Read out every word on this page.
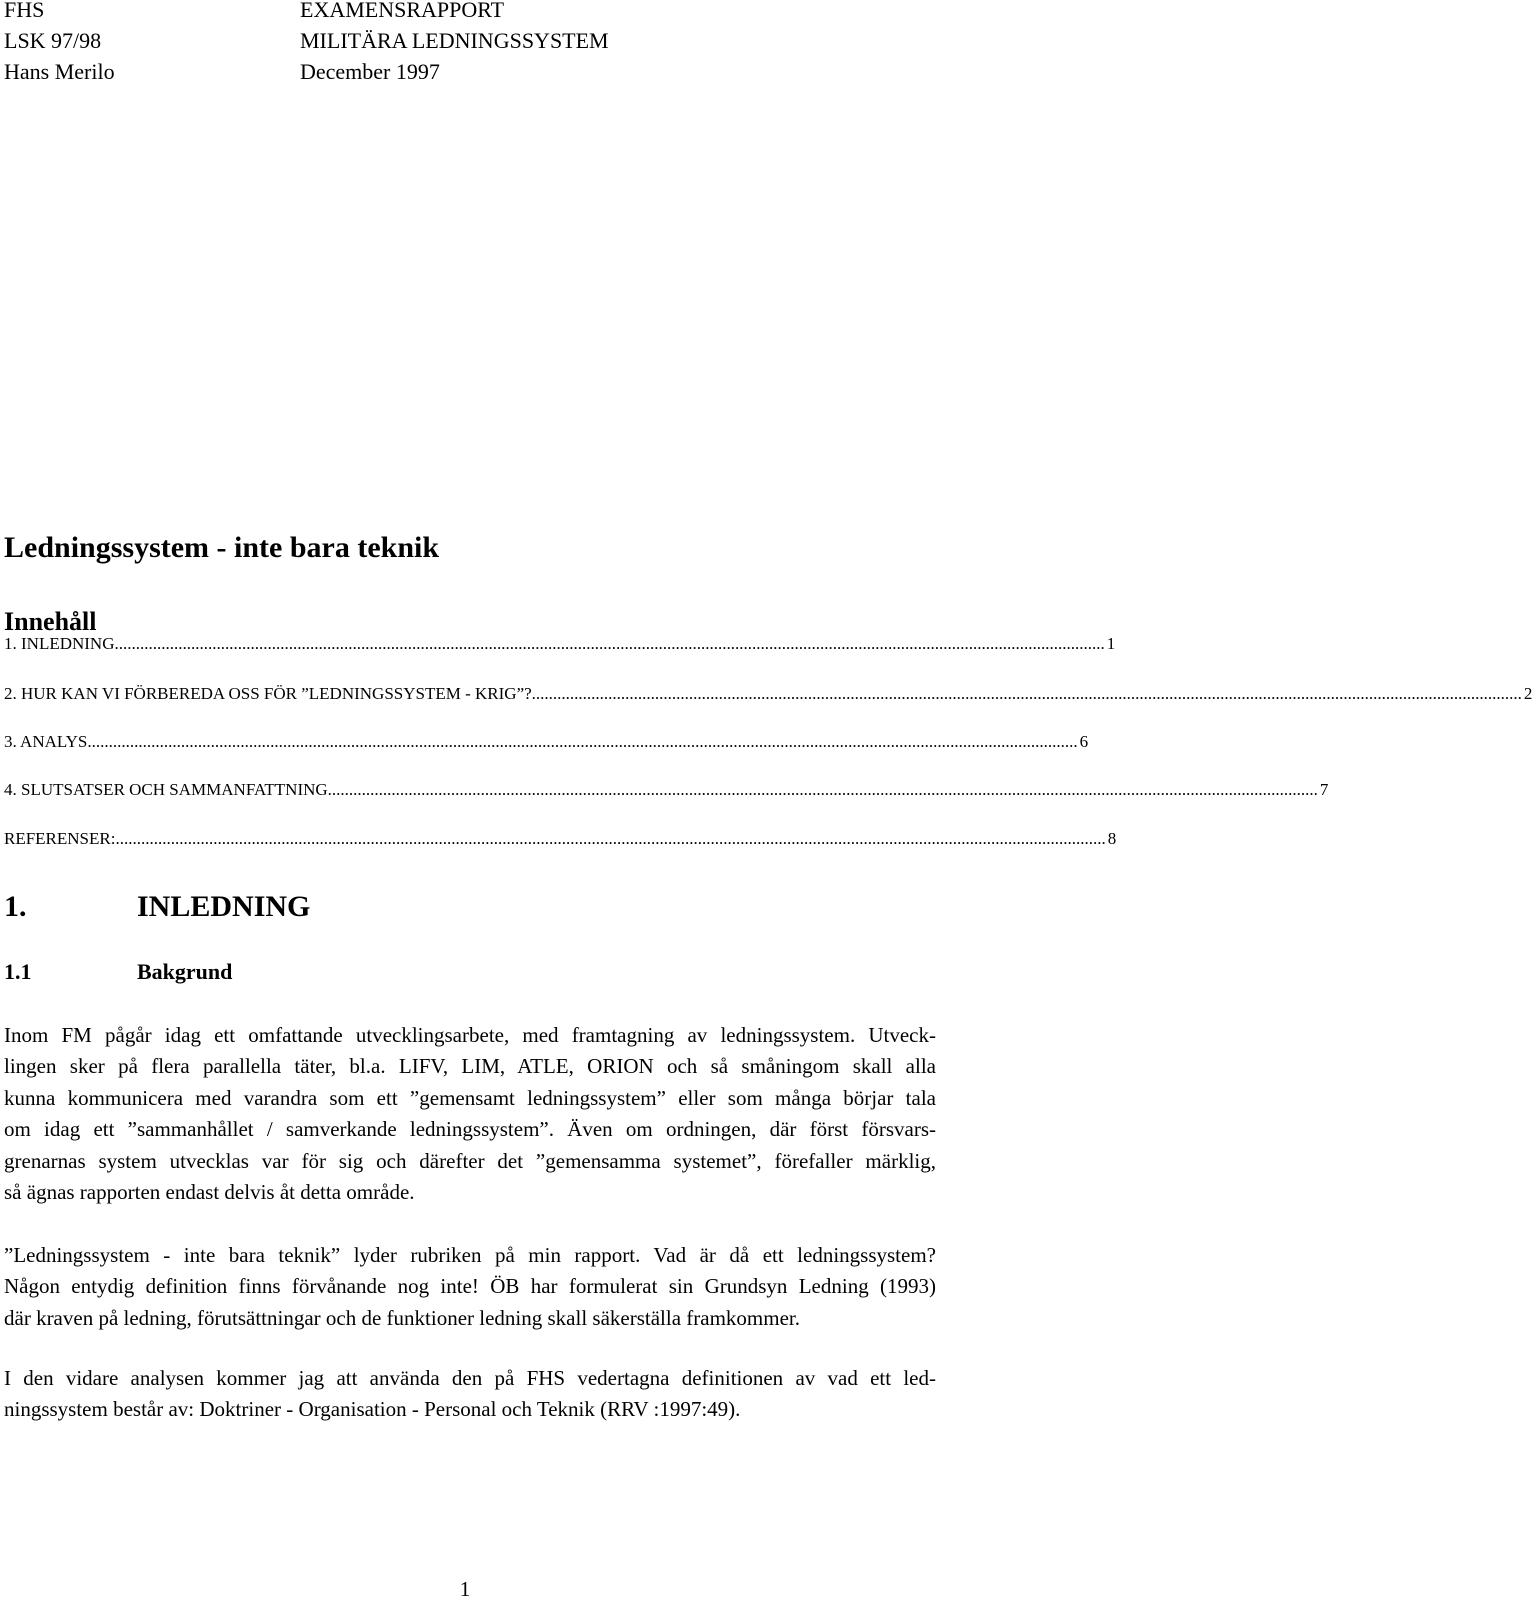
FHS	EXAMENSRAPPORT
LSK 97/98	MILITÄRA LEDNINGSSYSTEM
Hans Merilo	December 1997
Ledningssystem - inte bara teknik
Innehåll
1. INLEDNING ......................................................................................................................................................................................................................................... 1
2. HUR KAN VI FÖRBEREDA OSS FÖR ”LEDNINGSSYSTEM - KRIG”? ......................................................................................................................................................................................................................................... 2
3. ANALYS ......................................................................................................................................................................................................................................... 6
4. SLUTSATSER OCH SAMMANFATTNING ......................................................................................................................................................................................................................................... 7
REFERENSER: ......................................................................................................................................................................................................................................... 8
1.	INLEDNING
1.1	Bakgrund
Inom FM pågår idag ett omfattande utvecklingsarbete, med framtagning av ledningssystem. Utveck-
lingen sker på flera parallella täter, bl.a. LIFV, LIM, ATLE, ORION och så småningom skall alla
kunna kommunicera med varandra som ett ”gemensamt ledningssystem” eller som många börjar tala
om idag ett ”sammanhållet / samverkande ledningssystem”. Även om ordningen, där först försvars-
grenarnas system utvecklas var för sig och därefter det ”gemensamma systemet”, förefaller märklig,
så ägnas rapporten endast delvis åt detta område.
”Ledningssystem - inte bara teknik” lyder rubriken på min rapport. Vad är då ett ledningssystem?
Någon entydig definition finns förvånande nog inte! ÖB har formulerat sin Grundsyn Ledning (1993)
där kraven på ledning, förutsättningar och de funktioner ledning skall säkerställa framkommer.
I den vidare analysen kommer jag att använda den på FHS vedertagna definitionen av vad ett led-
ningssystem består av: Doktriner - Organisation - Personal och Teknik (RRV :1997:49).
1
